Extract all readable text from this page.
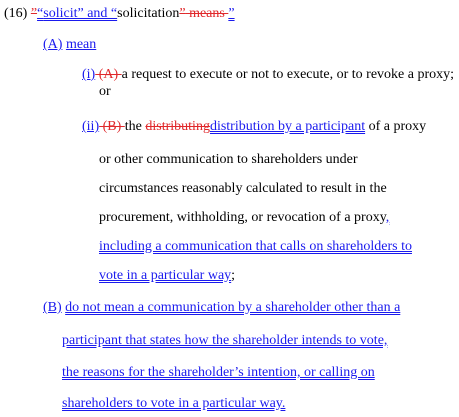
(16) ”“solicit” and “solicitation” means ”
(A) mean
(i) (A) a request to execute or not to execute, or to revoke a proxy;
or
(ii) (B) the distributingdistribution by a participant of a proxy
or other communication to shareholders under
circumstances reasonably calculated to result in the
procurement, withholding, or revocation of a proxy,
including a communication that calls on shareholders to
vote in a particular way;
(B) do not mean a communication by a shareholder other than a
participant that states how the shareholder intends to vote,
the reasons for the shareholder’s intention, or calling on
shareholders to vote in a particular way.
